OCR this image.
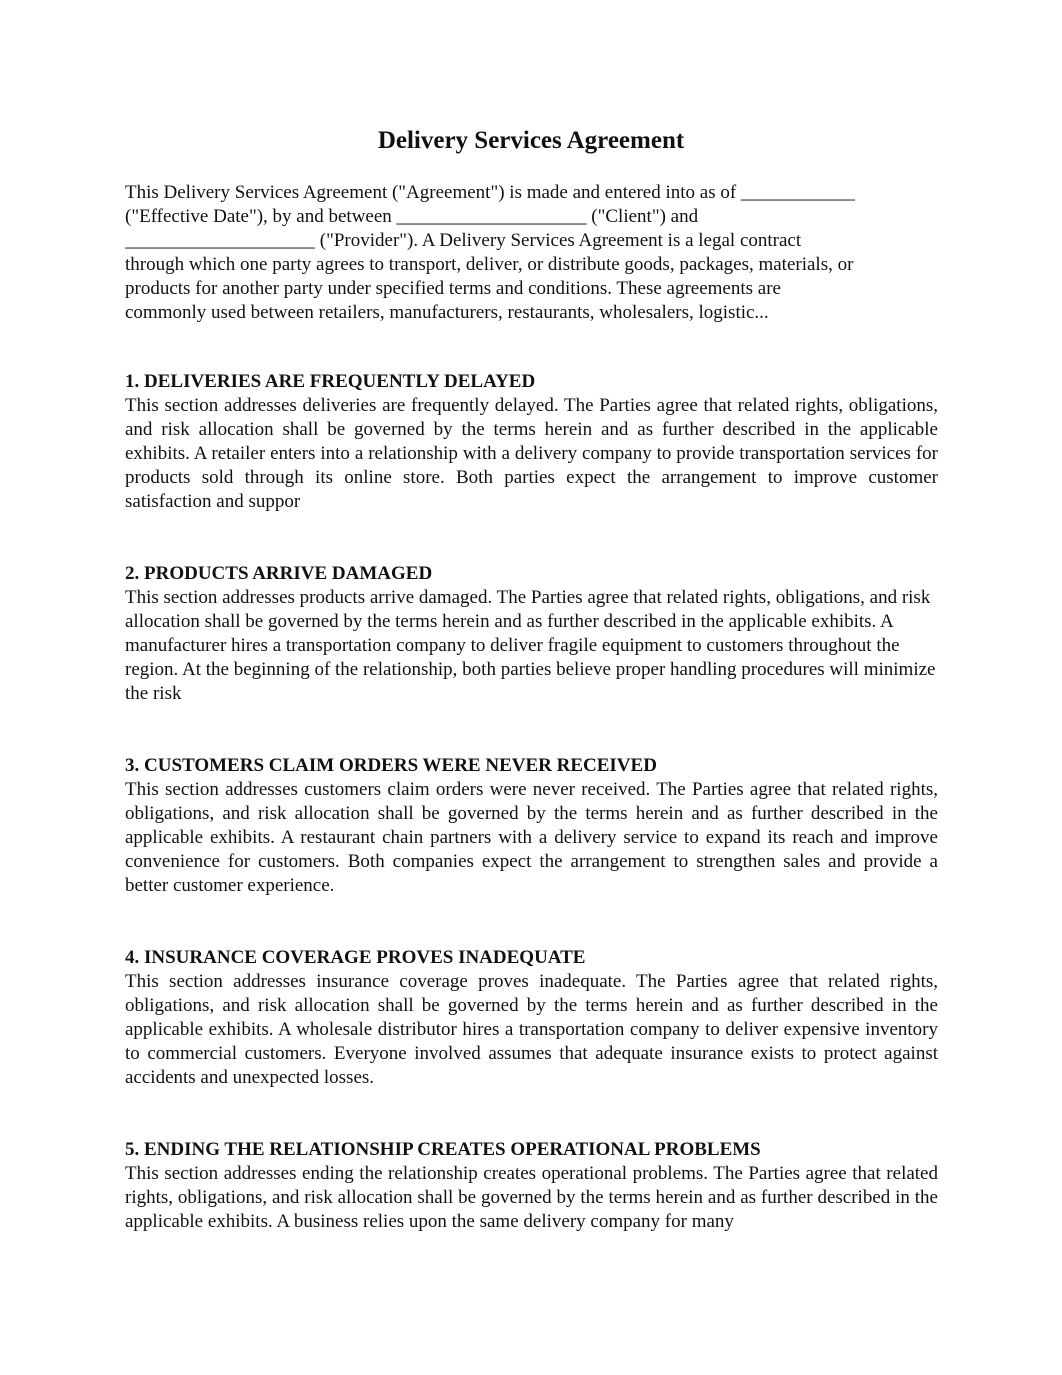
Delivery Services Agreement

This Delivery Services Agreement ("Agreement") is made and entered into as of ____________
("Effective Date"), by and between ____________________ ("Client") and
____________________ ("Provider"). A Delivery Services Agreement is a legal contract
through which one party agrees to transport, deliver, or distribute goods, packages, materials, or
products for another party under specified terms and conditions. These agreements are
commonly used between retailers, manufacturers, restaurants, wholesalers, logistic...

1. DELIVERIES ARE FREQUENTLY DELAYED

This section addresses deliveries are frequently delayed. The Parties agree that related rights, obligations, and risk allocation shall be governed by the terms herein and as further described in the applicable exhibits. A retailer enters into a relationship with a delivery company to provide transportation services for products sold through its online store. Both parties expect the arrangement to improve customer satisfaction and suppor

2. PRODUCTS ARRIVE DAMAGED

This section addresses products arrive damaged. The Parties agree that related rights, obligations, and risk allocation shall be governed by the terms herein and as further described in the applicable exhibits. A manufacturer hires a transportation company to deliver fragile equipment to customers throughout the region. At the beginning of the relationship, both parties believe proper handling procedures will minimize the risk

3. CUSTOMERS CLAIM ORDERS WERE NEVER RECEIVED

This section addresses customers claim orders were never received. The Parties agree that related rights, obligations, and risk allocation shall be governed by the terms herein and as further described in the applicable exhibits. A restaurant chain partners with a delivery service to expand its reach and improve convenience for customers. Both companies expect the arrangement to strengthen sales and provide a better customer experience.

4. INSURANCE COVERAGE PROVES INADEQUATE

This section addresses insurance coverage proves inadequate. The Parties agree that related rights, obligations, and risk allocation shall be governed by the terms herein and as further described in the applicable exhibits. A wholesale distributor hires a transportation company to deliver expensive inventory to commercial customers. Everyone involved assumes that adequate insurance exists to protect against accidents and unexpected losses.

5. ENDING THE RELATIONSHIP CREATES OPERATIONAL PROBLEMS

This section addresses ending the relationship creates operational problems. The Parties agree that related rights, obligations, and risk allocation shall be governed by the terms herein and as further described in the applicable exhibits. A business relies upon the same delivery company for many
